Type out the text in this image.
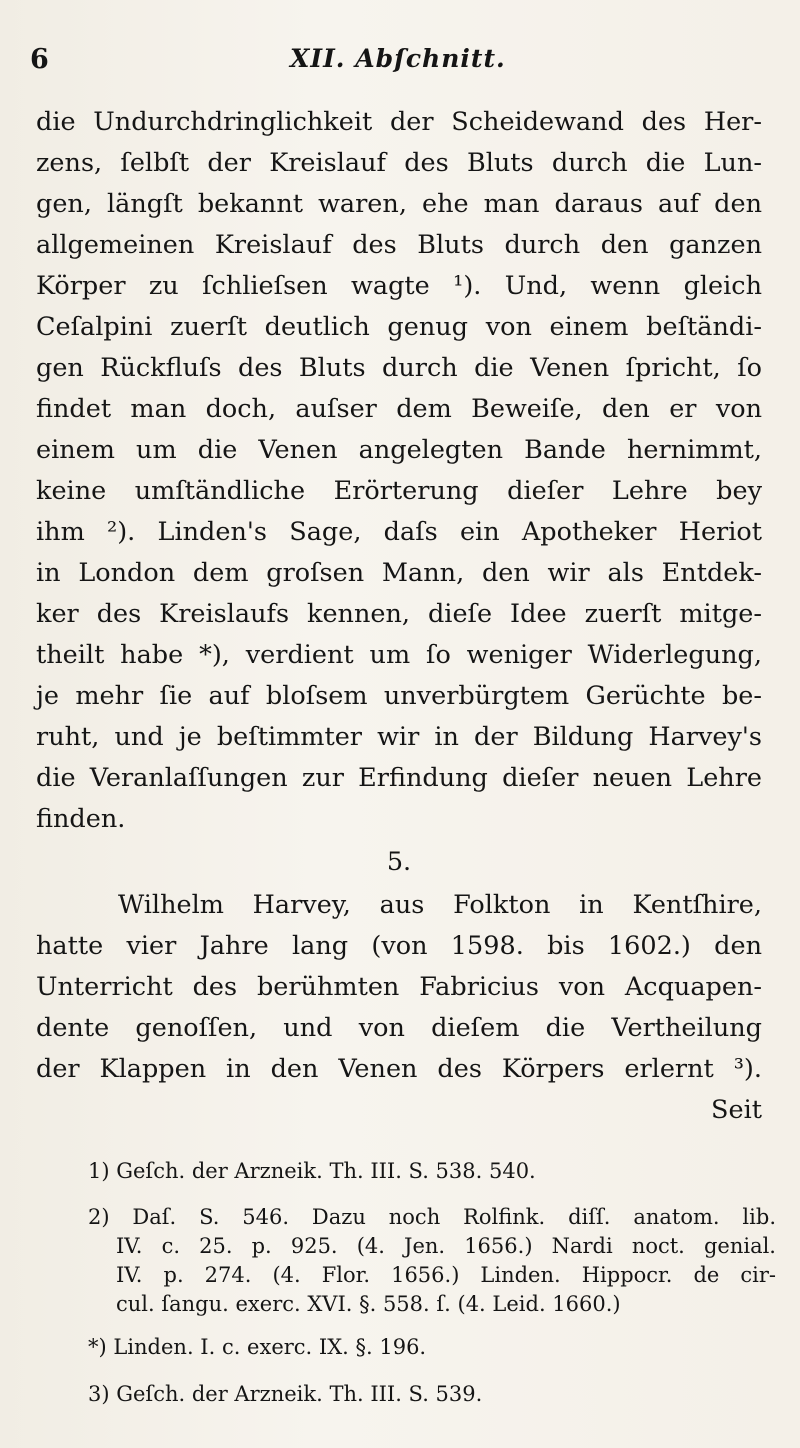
6	XII. Abſchnitt.
die Undurchdringlichkeit der Scheidewand des Her-
zens, ſelbſt der Kreislauf des Bluts durch die Lun-
gen, längſt bekannt waren, ehe man daraus auf den
allgemeinen Kreislauf des Bluts durch den ganzen
Körper zu ſchlieſsen wagte ¹). Und, wenn gleich
Ceſalpini zuerſt deutlich genug von einem beſtändi-
gen Rückfluſs des Bluts durch die Venen ſpricht, ſo
findet man doch, auſser dem Beweiſe, den er von
einem um die Venen angelegten Bande hernimmt,
keine umſtändliche Erörterung dieſer Lehre bey
ihm ²). Linden's Sage, daſs ein Apotheker Heriot
in London dem groſsen Mann, den wir als Entdek-
ker des Kreislaufs kennen, dieſe Idee zuerſt mitge-
theilt habe *), verdient um ſo weniger Widerlegung,
je mehr ſie auf bloſsem unverbürgtem Gerüchte be-
ruht, und je beſtimmter wir in der Bildung Harvey's
die Veranlaſſungen zur Erfindung dieſer neuen Lehre
finden.
5.
Wilhelm Harvey, aus Folkton in Kentſhire,
hatte vier Jahre lang (von 1598. bis 1602.) den
Unterricht des berühmten Fabricius von Acquapen-
dente genoſſen, und von dieſem die Vertheilung
der Klappen in den Venen des Körpers erlernt ³).
Seit
1) Geſch. der Arzneik. Th. III. S. 538. 540.
2) Daſ. S. 546. Dazu noch Rolfink. diſſ. anatom. lib.
IV. c. 25. p. 925. (4. Jen. 1656.) Nardi noct. genial.
IV. p. 274. (4. Flor. 1656.) Linden. Hippocr. de cir-
cul. ſangu. exerc. XVI. §. 558. ſ. (4. Leid. 1660.)
*) Linden. I. c. exerc. IX. §. 196.
3) Geſch. der Arzneik. Th. III. S. 539.
